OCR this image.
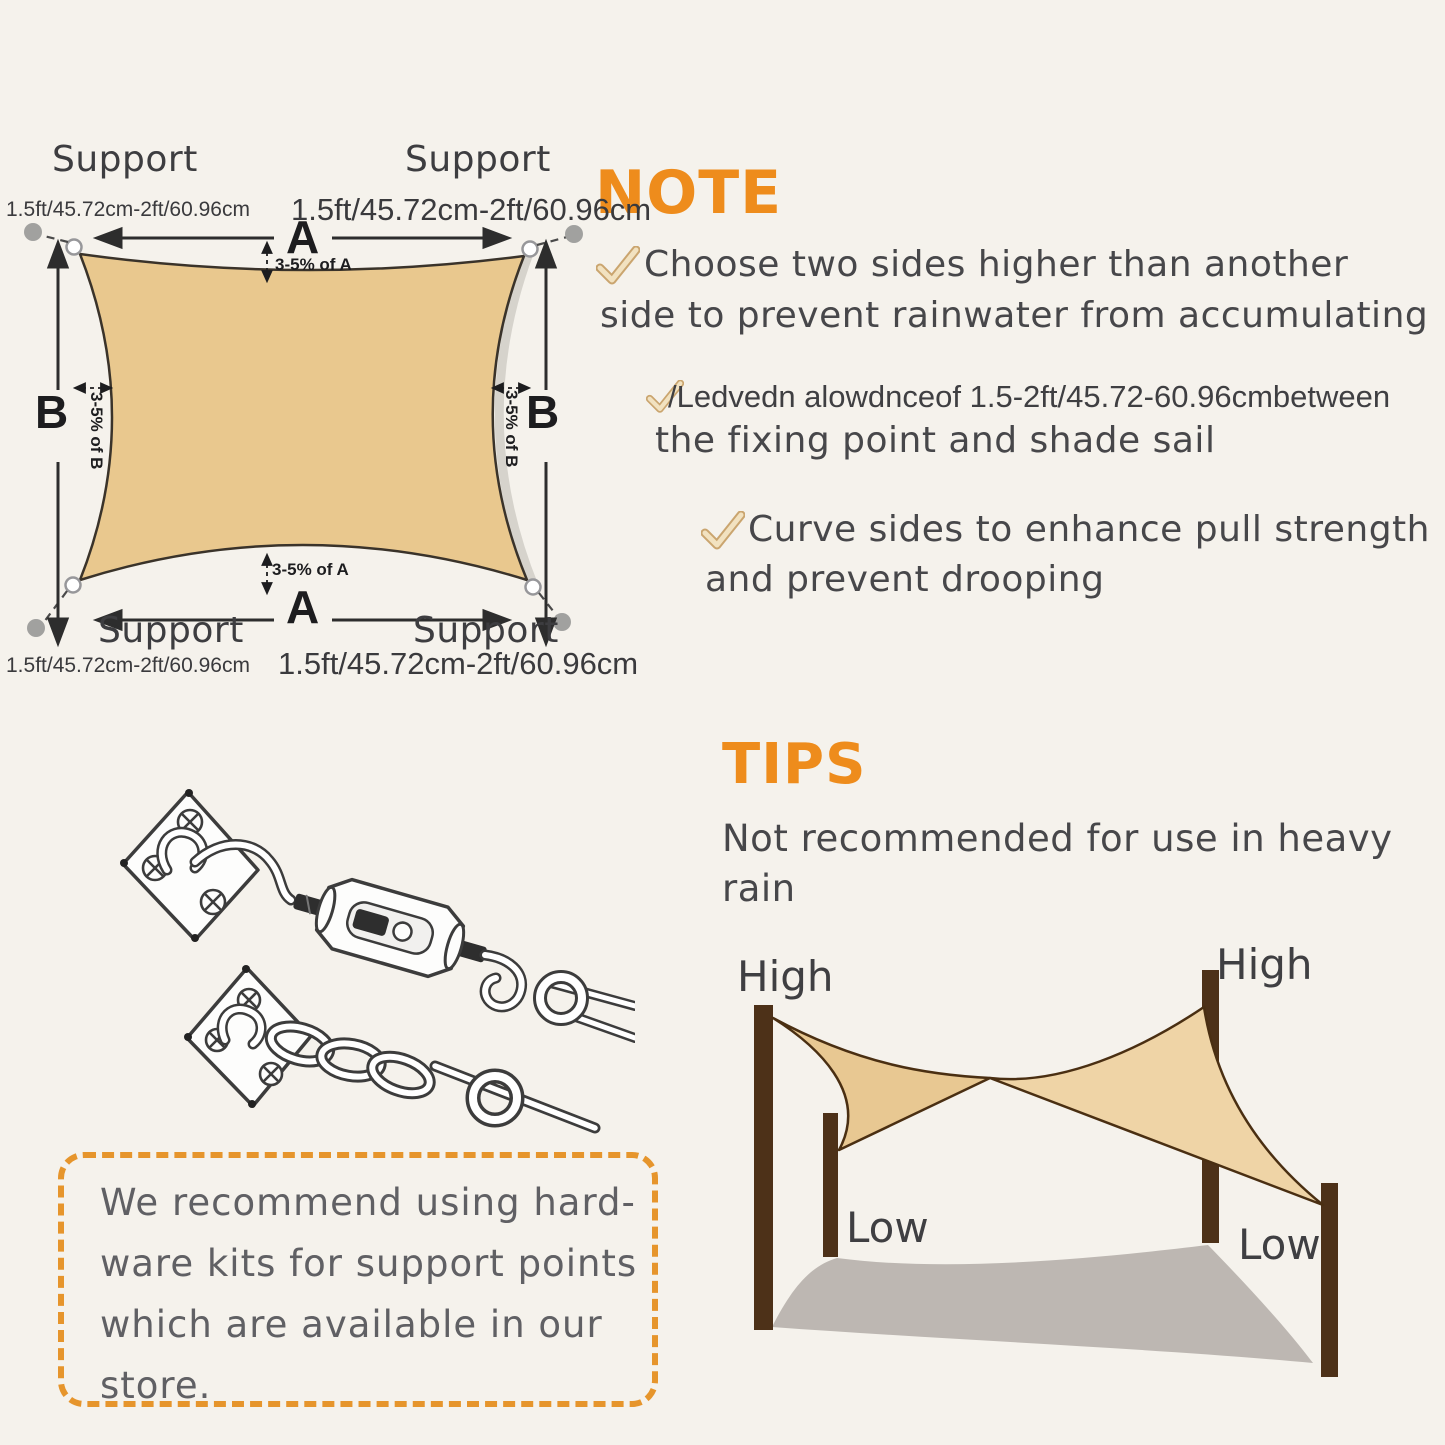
Support	Support
1.5ft/45.72cm-2ft/60.96cm 1.5ft/45.72cm-2ft/60.96cm
A
3-5% of A
B 3-5% of B	B
3-5% of B
3-5% of A
A
Support	Support
1.5ft/45.72cm-2ft/60.96cm 1.5ft/45.72cm-2ft/60.96cm
NOTE
Choose two sides higher than another
side to prevent rainwater from accumulating
/Ledvedn alowdnceof 1.5-2ft/45.72-60.96cmbetween
the fixing point and shade sail
Curve sides to enhance pull strength
and prevent drooping
TIPS
Not recommended for use in heavy
rain
High	High
Low	Low
We recommend using hard-
ware kits for support points
which are available in our
store.
